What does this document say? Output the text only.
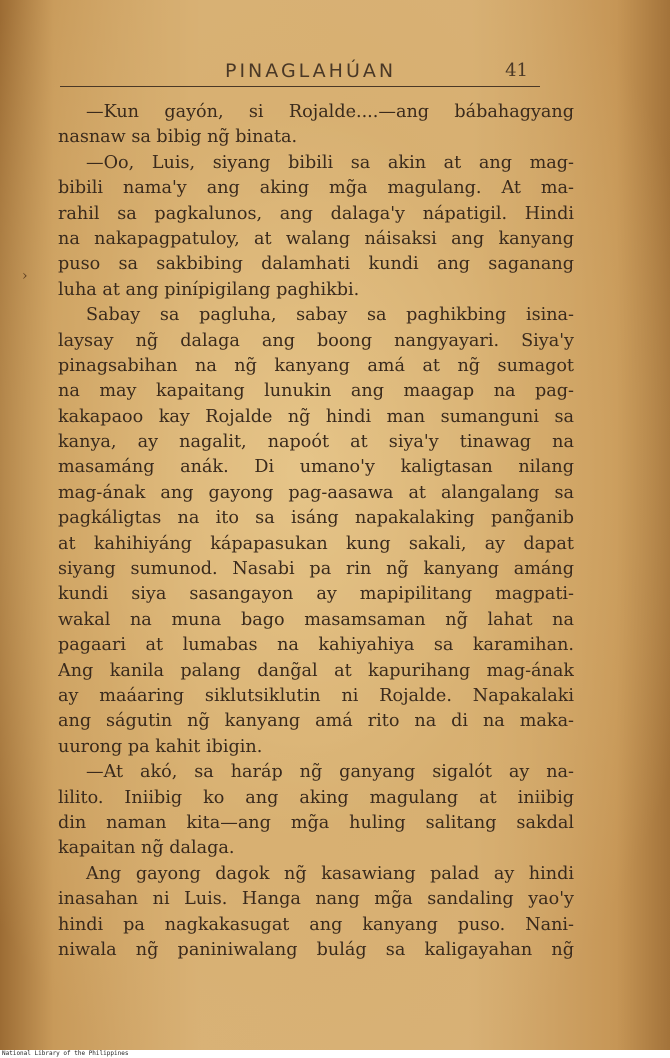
PINAGLAHÚAN	41
›
—Kun gayón, si Rojalde....—ang bábahagyang
nasnaw sa bibig ng̃ binata.
—Oo, Luis, siyang bibili sa akin at ang mag-
bibili nama'y ang aking mg̃a magulang. At ma-
rahil sa pagkalunos, ang dalaga'y nápatigil. Hindi
na nakapagpatuloy, at walang náisaksi ang kanyang
puso sa sakbibing dalamhati kundi ang saganang
luha at ang pinípigilang paghikbi.
Sabay sa pagluha, sabay sa paghikbing isina-
laysay ng̃ dalaga ang boong nangyayari. Siya'y
pinagsabihan na ng̃ kanyang amá at ng̃ sumagot
na may kapaitang lunukin ang maagap na pag-
kakapaoo kay Rojalde ng̃ hindi man sumanguni sa
kanya, ay nagalit, napoót at siya'y tinawag na
masamáng anák. Di umano'y kaligtasan nilang
mag-ának ang gayong pag-aasawa at alangalang sa
pagkáligtas na ito sa isáng napakalaking pang̃anib
at kahihiyáng kápapasukan kung sakali, ay dapat
siyang sumunod. Nasabi pa rin ng̃ kanyang amáng
kundi siya sasangayon ay mapipilitang magpati-
wakal na muna bago masamsaman ng̃ lahat na
pagaari at lumabas na kahiyahiya sa karamihan.
Ang kanila palang dang̃al at kapurihang mag-ának
ay maáaring siklutsiklutin ni Rojalde. Napakalaki
ang ságutin ng̃ kanyang amá rito na di na maka-
uurong pa kahit ibigin.
—At akó, sa haráp ng̃ ganyang sigalót ay na-
lilito. Iniibig ko ang aking magulang at iniibig
din naman kita—ang mg̃a huling salitang sakdal
kapaitan ng̃ dalaga.
Ang gayong dagok ng̃ kasawiang palad ay hindi
inasahan ni Luis. Hanga nang mg̃a sandaling yao'y
hindi pa nagkakasugat ang kanyang puso. Nani-
niwala ng̃ paniniwalang bulág sa kaligayahan ng̃
National Library of the Philippines
